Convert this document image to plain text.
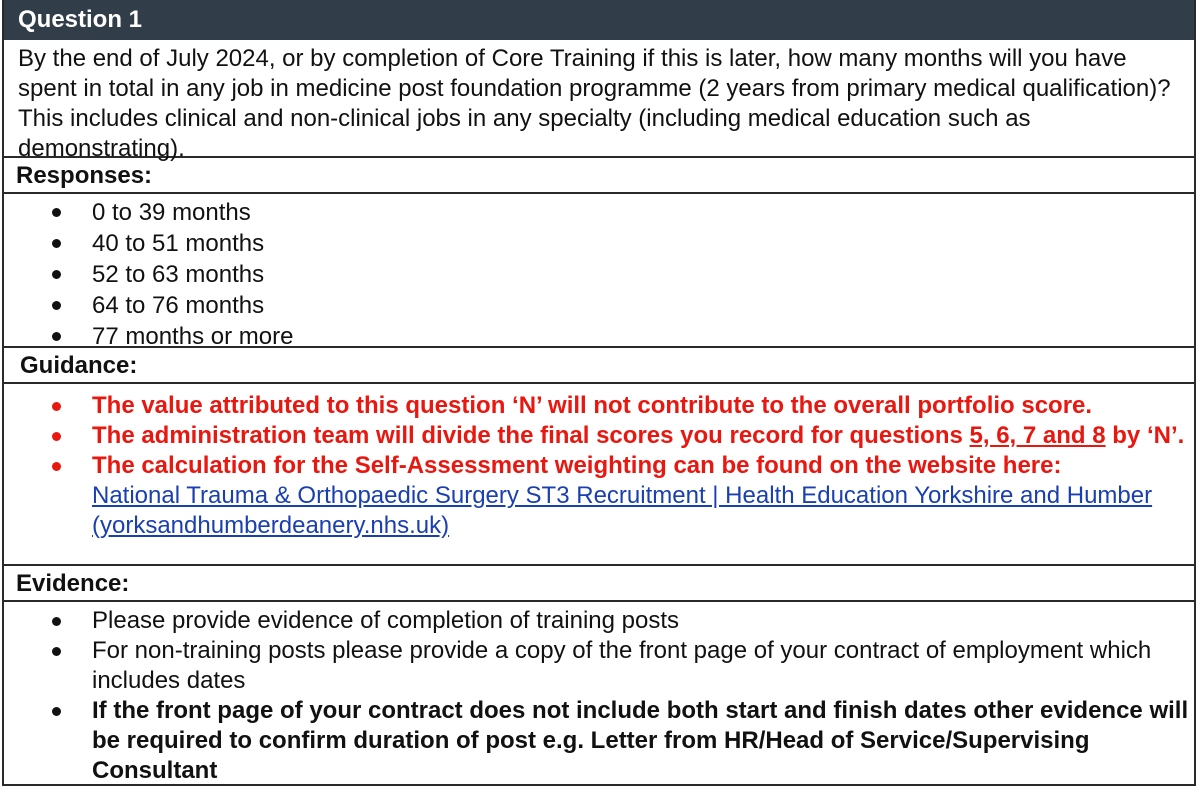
Question 1
By the end of July 2024, or by completion of Core Training if this is later, how many months will you have spent in total in any job in medicine post foundation programme (2 years from primary medical qualification)? This includes clinical and non-clinical jobs in any specialty (including medical education such as demonstrating).
Responses:
0 to 39 months
40 to 51 months
52 to 63 months
64 to 76 months
77 months or more
Guidance:
The value attributed to this question ‘N’ will not contribute to the overall portfolio score.
The administration team will divide the final scores you record for questions 5, 6, 7 and 8 by ‘N’.
The calculation for the Self-Assessment weighting can be found on the website here:
National Trauma & Orthopaedic Surgery ST3 Recruitment | Health Education Yorkshire and Humber (yorksandhumberdeanery.nhs.uk)
Evidence:
Please provide evidence of completion of training posts
For non-training posts please provide a copy of the front page of your contract of employment which includes dates
If the front page of your contract does not include both start and finish dates other evidence will be required to confirm duration of post e.g. Letter from HR/Head of Service/Supervising Consultant
